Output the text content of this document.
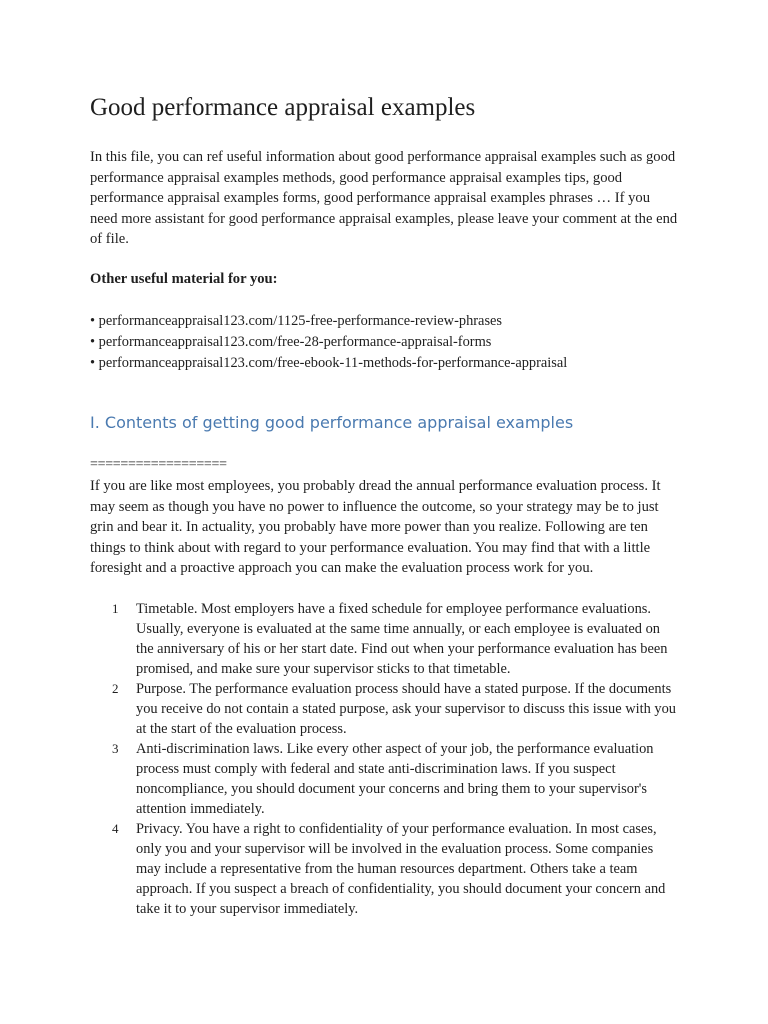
Good performance appraisal examples

In this file, you can ref useful information about good performance appraisal examples such as good performance appraisal examples methods, good performance appraisal examples tips, good performance appraisal examples forms, good performance appraisal examples phrases … If you need more assistant for good performance appraisal examples, please leave your comment at the end of file.

Other useful material for you:
• performanceappraisal123.com/1125-free-performance-review-phrases
• performanceappraisal123.com/free-28-performance-appraisal-forms
• performanceappraisal123.com/free-ebook-11-methods-for-performance-appraisal
I. Contents of getting good performance appraisal examples
==================

If you are like most employees, you probably dread the annual performance evaluation process. It may seem as though you have no power to influence the outcome, so your strategy may be to just grin and bear it. In actuality, you probably have more power than you realize. Following are ten things to think about with regard to your performance evaluation. You may find that with a little foresight and a proactive approach you can make the evaluation process work for you.

1 Timetable. Most employers have a fixed schedule for employee performance evaluations. Usually, everyone is evaluated at the same time annually, or each employee is evaluated on the anniversary of his or her start date. Find out when your performance evaluation has been promised, and make sure your supervisor sticks to that timetable.
2 Purpose. The performance evaluation process should have a stated purpose. If the documents you receive do not contain a stated purpose, ask your supervisor to discuss this issue with you at the start of the evaluation process.
3 Anti-discrimination laws. Like every other aspect of your job, the performance evaluation process must comply with federal and state anti-discrimination laws. If you suspect noncompliance, you should document your concerns and bring them to your supervisor's attention immediately.
4 Privacy. You have a right to confidentiality of your performance evaluation. In most cases, only you and your supervisor will be involved in the evaluation process. Some companies may include a representative from the human resources department. Others take a team approach. If you suspect a breach of confidentiality, you should document your concern and take it to your supervisor immediately.
